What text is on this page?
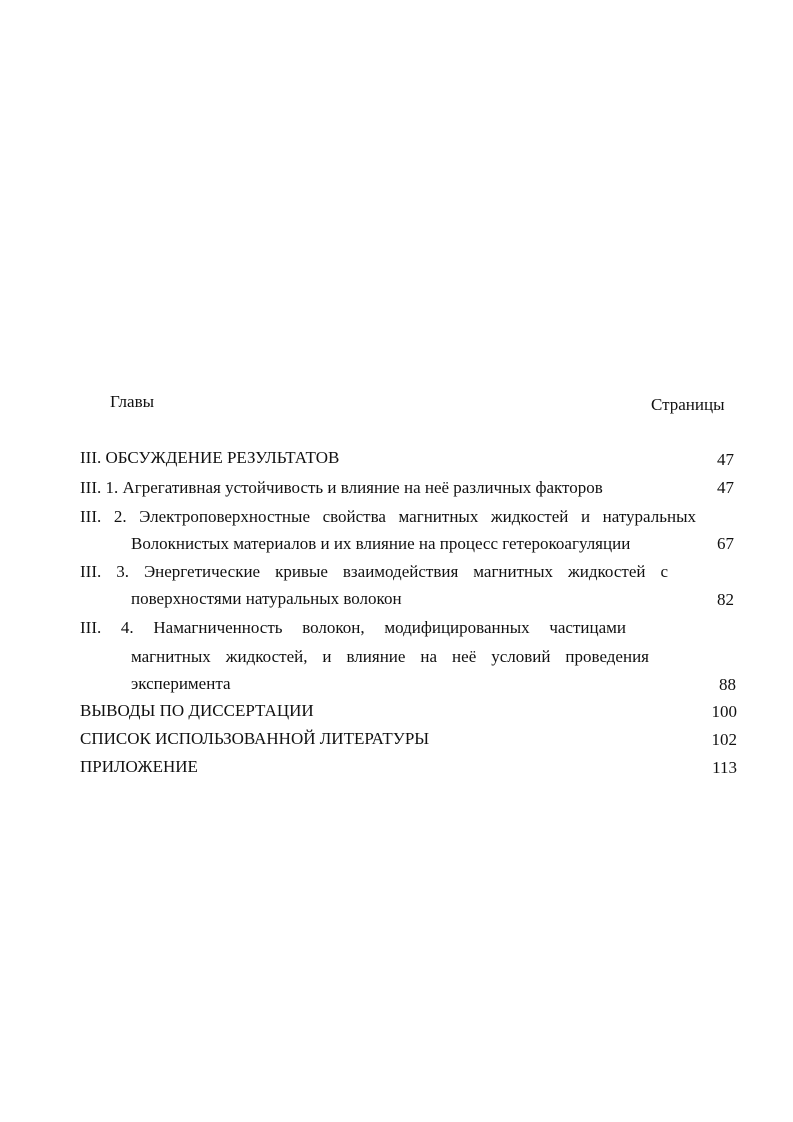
Главы	Страницы
III. ОБСУЖДЕНИЕ РЕЗУЛЬТАТОВ	47
III. 1. Агрегативная устойчивость и влияние на неё различных факторов	47
III. 2. Электроповерхностные свойства магнитных жидкостей и натуральных
Волокнистых материалов и их влияние на процесс гетерокоагуляции	67
III. 3. Энергетические кривые взаимодействия магнитных жидкостей с
поверхностями натуральных волокон	82
III. 4. Намагниченность волокон, модифицированных частицами
магнитных жидкостей, и влияние на неё условий проведения
эксперимента	88
ВЫВОДЫ ПО ДИССЕРТАЦИИ	100
СПИСОК ИСПОЛЬЗОВАННОЙ ЛИТЕРАТУРЫ	102
ПРИЛОЖЕНИЕ	113
